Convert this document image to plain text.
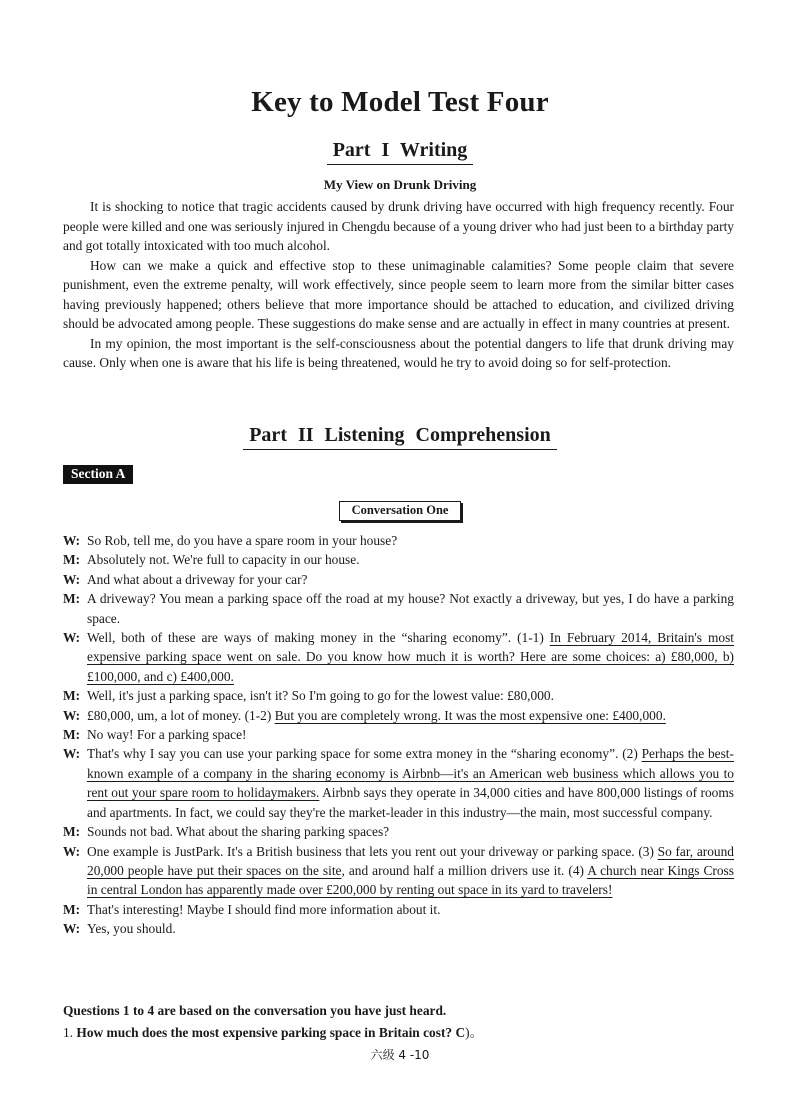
Key to Model Test Four
Part I Writing
My View on Drunk Driving

It is shocking to notice that tragic accidents caused by drunk driving have occurred with high frequency recently. Four people were killed and one was seriously injured in Chengdu because of a young driver who had just been to a birthday party and got totally intoxicated with too much alcohol.

How can we make a quick and effective stop to these unimaginable calamities? Some people claim that severe punishment, even the extreme penalty, will work effectively, since people seem to learn more from the similar bitter cases having previously happened; others believe that more importance should be attached to education, and civilized driving should be advocated among people. These suggestions do make sense and are actually in effect in many countries at present.

In my opinion, the most important is the self-consciousness about the potential dangers to life that drunk driving may cause. Only when one is aware that his life is being threatened, would he try to avoid doing so for self-protection.

Part II Listening Comprehension
Section A
Conversation One
W: So Rob, tell me, do you have a spare room in your house?
M: Absolutely not. We're full to capacity in our house.
W: And what about a driveway for your car?
M: A driveway? You mean a parking space off the road at my house? Not exactly a driveway, but yes, I do have a parking space.
W: Well, both of these are ways of making money in the “sharing economy”. (1-1) In February 2014, Britain's most expensive parking space went on sale. Do you know how much it is worth? Here are some choices: a) £80,000, b) £100,000, and c) £400,000.
M: Well, it's just a parking space, isn't it? So I'm going to go for the lowest value: £80,000.
W: £80,000, um, a lot of money. (1-2) But you are completely wrong. It was the most expensive one: £400,000.
M: No way! For a parking space!
W: That's why I say you can use your parking space for some extra money in the “sharing economy”. (2) Perhaps the best-known example of a company in the sharing economy is Airbnb—it's an American web business which allows you to rent out your spare room to holidaymakers. Airbnb says they operate in 34,000 cities and have 800,000 listings of rooms and apartments. In fact, we could say they're the market-leader in this industry—the main, most successful company.
M: Sounds not bad. What about the sharing parking spaces?
W: One example is JustPark. It's a British business that lets you rent out your driveway or parking space. (3) So far, around 20,000 people have put their spaces on the site, and around half a million drivers use it. (4) A church near Kings Cross in central London has apparently made over £200,000 by renting out space in its yard to travelers!
M: That's interesting! Maybe I should find more information about it.
W: Yes, you should.
Questions 1 to 4 are based on the conversation you have just heard.
1. How much does the most expensive parking space in Britain cost? C)。
六级 4 -10
